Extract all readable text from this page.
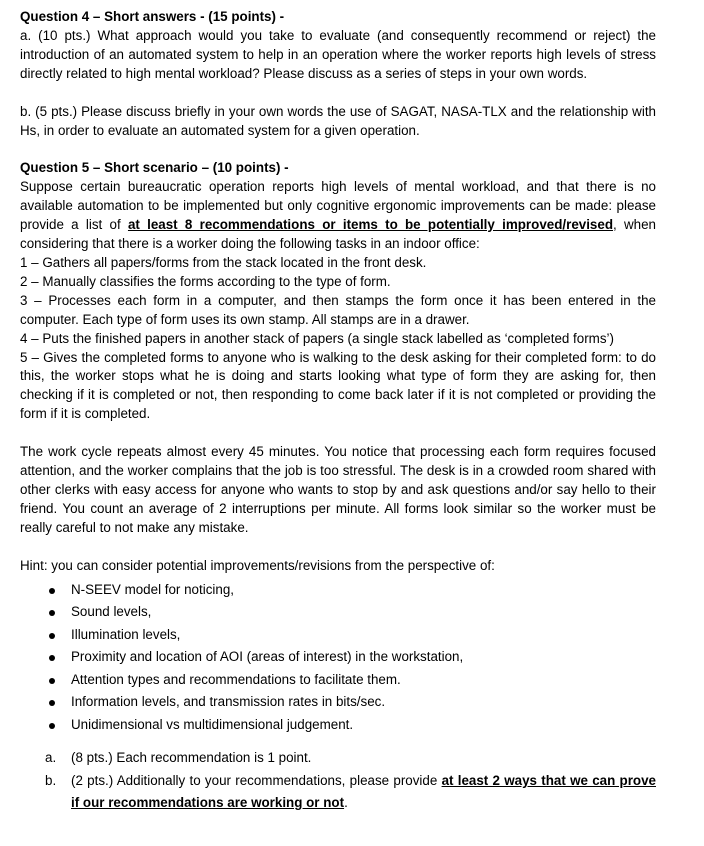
Question 4 – Short answers - (15 points) -

a. (10 pts.) What approach would you take to evaluate (and consequently recommend or reject) the introduction of an automated system to help in an operation where the worker reports high levels of stress directly related to high mental workload? Please discuss as a series of steps in your own words.

b. (5 pts.) Please discuss briefly in your own words the use of SAGAT, NASA-TLX and the relationship with Hs, in order to evaluate an automated system for a given operation.

Question 5 – Short scenario – (10 points) -

Suppose certain bureaucratic operation reports high levels of mental workload, and that there is no available automation to be implemented but only cognitive ergonomic improvements can be made: please provide a list of at least 8 recommendations or items to be potentially improved/revised, when considering that there is a worker doing the following tasks in an indoor office:

1 – Gathers all papers/forms from the stack located in the front desk.

2 – Manually classifies the forms according to the type of form.

3 – Processes each form in a computer, and then stamps the form once it has been entered in the computer. Each type of form uses its own stamp. All stamps are in a drawer.

4 – Puts the finished papers in another stack of papers (a single stack labelled as ‘completed forms’)

5 – Gives the completed forms to anyone who is walking to the desk asking for their completed form: to do this, the worker stops what he is doing and starts looking what type of form they are asking for, then checking if it is completed or not, then responding to come back later if it is not completed or providing the form if it is completed.

The work cycle repeats almost every 45 minutes. You notice that processing each form requires focused attention, and the worker complains that the job is too stressful. The desk is in a crowded room shared with other clerks with easy access for anyone who wants to stop by and ask questions and/or say hello to their friend. You count an average of 2 interruptions per minute. All forms look similar so the worker must be really careful to not make any mistake.

Hint: you can consider potential improvements/revisions from the perspective of:

N-SEEV model for noticing,
Sound levels,
Illumination levels,
Proximity and location of AOI (areas of interest) in the workstation,
Attention types and recommendations to facilitate them.
Information levels, and transmission rates in bits/sec.
Unidimensional vs multidimensional judgement.
a. (8 pts.) Each recommendation is 1 point.
b. (2 pts.) Additionally to your recommendations, please provide at least 2 ways that we can prove if our recommendations are working or not.
